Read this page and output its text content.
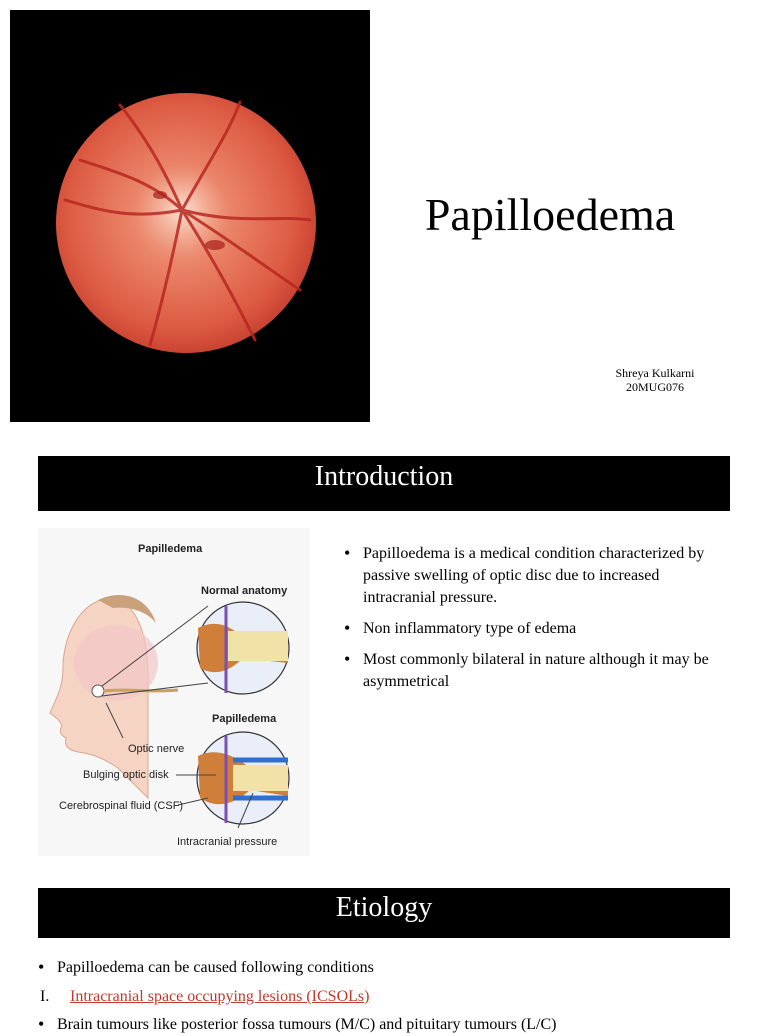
Papilloedema
Shreya Kulkarni
20MUG076
Introduction
Papilledema
Normal anatomy
Papilledema
Optic nerve
Bulging optic disk
Cerebrospinal fluid (CSF)
Intracranial pressure
• Papilloedema is a medical condition characterized by passive swelling of optic disc due to increased intracranial pressure.
• Non inflammatory type of edema
• Most commonly bilateral in nature although it may be asymmetrical
Etiology
• Papilloedema can be caused following conditions
I. Intracranial space occupying lesions (ICSOLs)
• Brain tumours like posterior fossa tumours (M/C) and pituitary tumours (L/C)
